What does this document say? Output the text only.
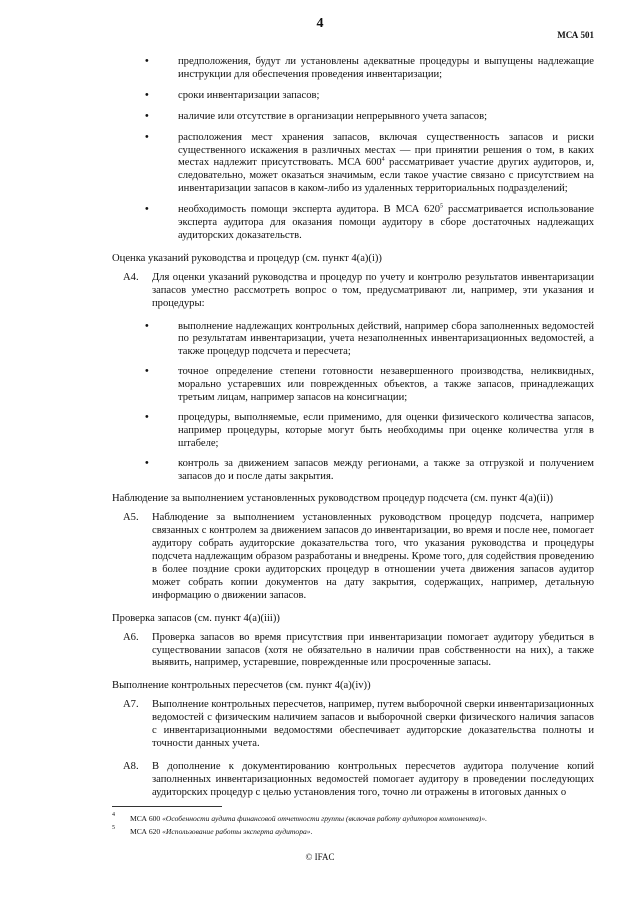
4
МСА 501
•	предположения, будут ли установлены адекватные процедуры и выпущены надлежащие инструкции для обеспечения проведения инвентаризации;
•	сроки инвентаризации запасов;
•	наличие или отсутствие в организации непрерывного учета запасов;
•	расположения мест хранения запасов, включая существенность запасов и риски существенного искажения в различных местах — при принятии решения о том, в каких местах надлежит присутствовать. МСА $600^4$ рассматривает участие других аудиторов, и, следовательно, может оказаться значимым, если такое участие связано с присутствием на инвентаризации запасов в каком-либо из удаленных территориальных подразделений;
•	необходимость помощи эксперта аудитора. В МСА $620^5$ рассматривается использование эксперта аудитора для оказания помощи аудитору в сборе достаточных надлежащих аудиторских доказательств.
Оценка указаний руководства и процедур (см. пункт 4(a)(i))
A4. Для оценки указаний руководства и процедур по учету и контролю результатов инвентаризации запасов уместно рассмотреть вопрос о том, предусматривают ли, например, эти указания и процедуры:
•	выполнение надлежащих контрольных действий, например сбора заполненных ведомостей по результатам инвентаризации, учета незаполненных инвентаризационных ведомостей, а также процедур подсчета и пересчета;
•	точное определение степени готовности незавершенного производства, неликвидных, морально устаревших или поврежденных объектов, а также запасов, принадлежащих третьим лицам, например запасов на консигнации;
•	процедуры, выполняемые, если применимо, для оценки физического количества запасов, например процедуры, которые могут быть необходимы при оценке количества угля в штабеле;
•	контроль за движением запасов между регионами, а также за отгрузкой и получением запасов до и после даты закрытия.
Наблюдение за выполнением установленных руководством процедур подсчета (см. пункт 4(a)(ii))
A5. Наблюдение за выполнением установленных руководством процедур подсчета, например связанных с контролем за движением запасов до инвентаризации, во время и после нее, помогает аудитору собрать аудиторские доказательства того, что указания руководства и процедуры подсчета надлежащим образом разработаны и внедрены. Кроме того, для содействия проведению в более поздние сроки аудиторских процедур в отношении учета движения запасов аудитор может собрать копии документов на дату закрытия, содержащих, например, детальную информацию о движении запасов.
Проверка запасов (см. пункт 4(a)(iii))
A6. Проверка запасов во время присутствия при инвентаризации помогает аудитору убедиться в существовании запасов (хотя не обязательно в наличии прав собственности на них), а также выявить, например, устаревшие, поврежденные или просроченные запасы.
Выполнение контрольных пересчетов (см. пункт 4(a)(iv))
A7. Выполнение контрольных пересчетов, например, путем выборочной сверки инвентаризационных ведомостей с физическим наличием запасов и выборочной сверки физического наличия запасов с инвентаризационными ведомостями обеспечивает аудиторские доказательства полноты и точности данных учета.
A8. В дополнение к документированию контрольных пересчетов аудитора получение копий заполненных инвентаризационных ведомостей помогает аудитору в проведении последующих аудиторских процедур с целью установления того, точно ли отражены в итоговых данных о
4 МСА 600 «Особенности аудита финансовой отчетности группы (включая работу аудиторов компонента)».
5 МСА 620 «Использование работы эксперта аудитора».
© IFAC
